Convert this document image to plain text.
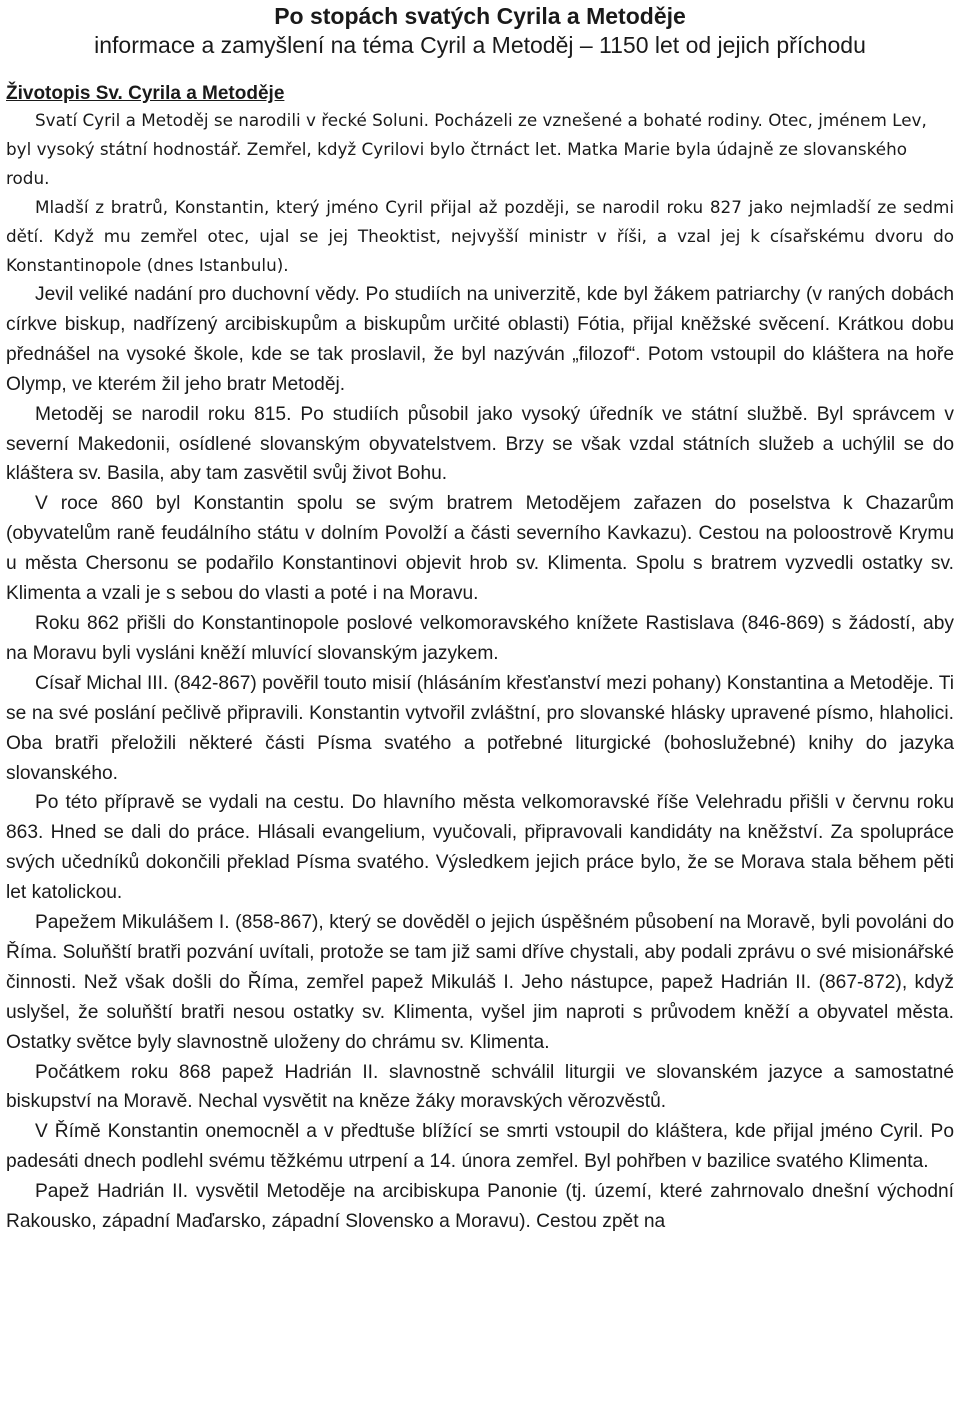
Po stopách svatých Cyrila a Metoděje
informace a zamyšlení na téma Cyril a Metoděj – 1150 let od jejich příchodu
Životopis Sv. Cyrila a Metoděje

Svatí Cyril a Metoděj se narodili v řecké Soluni. Pocházeli ze vznešené a bohaté rodiny. Otec, jménem Lev, byl vysoký státní hodnostář. Zemřel, když Cyrilovi bylo čtrnáct let. Matka Marie byla údajně ze slovanského rodu.

Mladší z bratrů, Konstantin, který jméno Cyril přijal až později, se narodil roku 827 jako nejmladší ze sedmi dětí. Když mu zemřel otec, ujal se jej Theoktist, nejvyšší ministr v říši, a vzal jej k císařskému dvoru do Konstantinopole (dnes Istanbulu).

Jevil veliké nadání pro duchovní vědy. Po studiích na univerzitě, kde byl žákem patriarchy (v raných dobách církve biskup, nadřízený arcibiskupům a biskupům určité oblasti) Fótia, přijal kněžské svěcení. Krátkou dobu přednášel na vysoké škole, kde se tak proslavil, že byl nazýván „filozof“. Potom vstoupil do kláštera na hoře Olymp, ve kterém žil jeho bratr Metoděj.

Metoděj se narodil roku 815. Po studiích působil jako vysoký úředník ve státní službě. Byl správcem v severní Makedonii, osídlené slovanským obyvatelstvem. Brzy se však vzdal státních služeb a uchýlil se do kláštera sv. Basila, aby tam zasvětil svůj život Bohu.

V roce 860 byl Konstantin spolu se svým bratrem Metodějem zařazen do poselstva k Chazarům (obyvatelům raně feudálního státu v dolním Povolží a části severního Kavkazu). Cestou na poloostrově Krymu u města Chersonu se podařilo Konstantinovi objevit hrob sv. Klimenta. Spolu s bratrem vyzvedli ostatky sv. Klimenta a vzali je s sebou do vlasti a poté i na Moravu.

Roku 862 přišli do Konstantinopole poslové velkomoravského knížete Rastislava (846-869) s žádostí, aby na Moravu byli vysláni kněží mluvící slovanským jazykem.

Císař Michal III. (842-867) pověřil touto misií (hlásáním křesťanství mezi pohany) Konstantina a Metoděje. Ti se na své poslání pečlivě připravili. Konstantin vytvořil zvláštní, pro slovanské hlásky upravené písmo, hlaholici. Oba bratři přeložili některé části Písma svatého a potřebné liturgické (bohoslužebné) knihy do jazyka slovanského.

Po této přípravě se vydali na cestu. Do hlavního města velkomoravské říše Velehradu přišli v červnu roku 863. Hned se dali do práce. Hlásali evangelium, vyučovali, připravovali kandidáty na kněžství. Za spolupráce svých učedníků dokončili překlad Písma svatého. Výsledkem jejich práce bylo, že se Morava stala během pěti let katolickou.

Papežem Mikulášem I. (858-867), který se dověděl o jejich úspěšném působení na Moravě, byli povoláni do Říma. Soluňští bratři pozvání uvítali, protože se tam již sami dříve chystali, aby podali zprávu o své misionářské činnosti. Než však došli do Říma, zemřel papež Mikuláš I. Jeho nástupce, papež Hadrián II. (867-872), když uslyšel, že soluňští bratři nesou ostatky sv. Klimenta, vyšel jim naproti s průvodem kněží a obyvatel města. Ostatky světce byly slavnostně uloženy do chrámu sv. Klimenta.

Počátkem roku 868 papež Hadrián II. slavnostně schválil liturgii ve slovanském jazyce a samostatné biskupství na Moravě. Nechal vysvětit na kněze žáky moravských věrozvěstů.

V Římě Konstantin onemocněl a v předtuše blížící se smrti vstoupil do kláštera, kde přijal jméno Cyril. Po padesáti dnech podlehl svému těžkému utrpení a 14. února zemřel. Byl pohřben v bazilice svatého Klimenta.

Papež Hadrián II. vysvětil Metoděje na arcibiskupa Panonie (tj. území, které zahrnovalo dnešní východní Rakousko, západní Maďarsko, západní Slovensko a Moravu). Cestou zpět na
